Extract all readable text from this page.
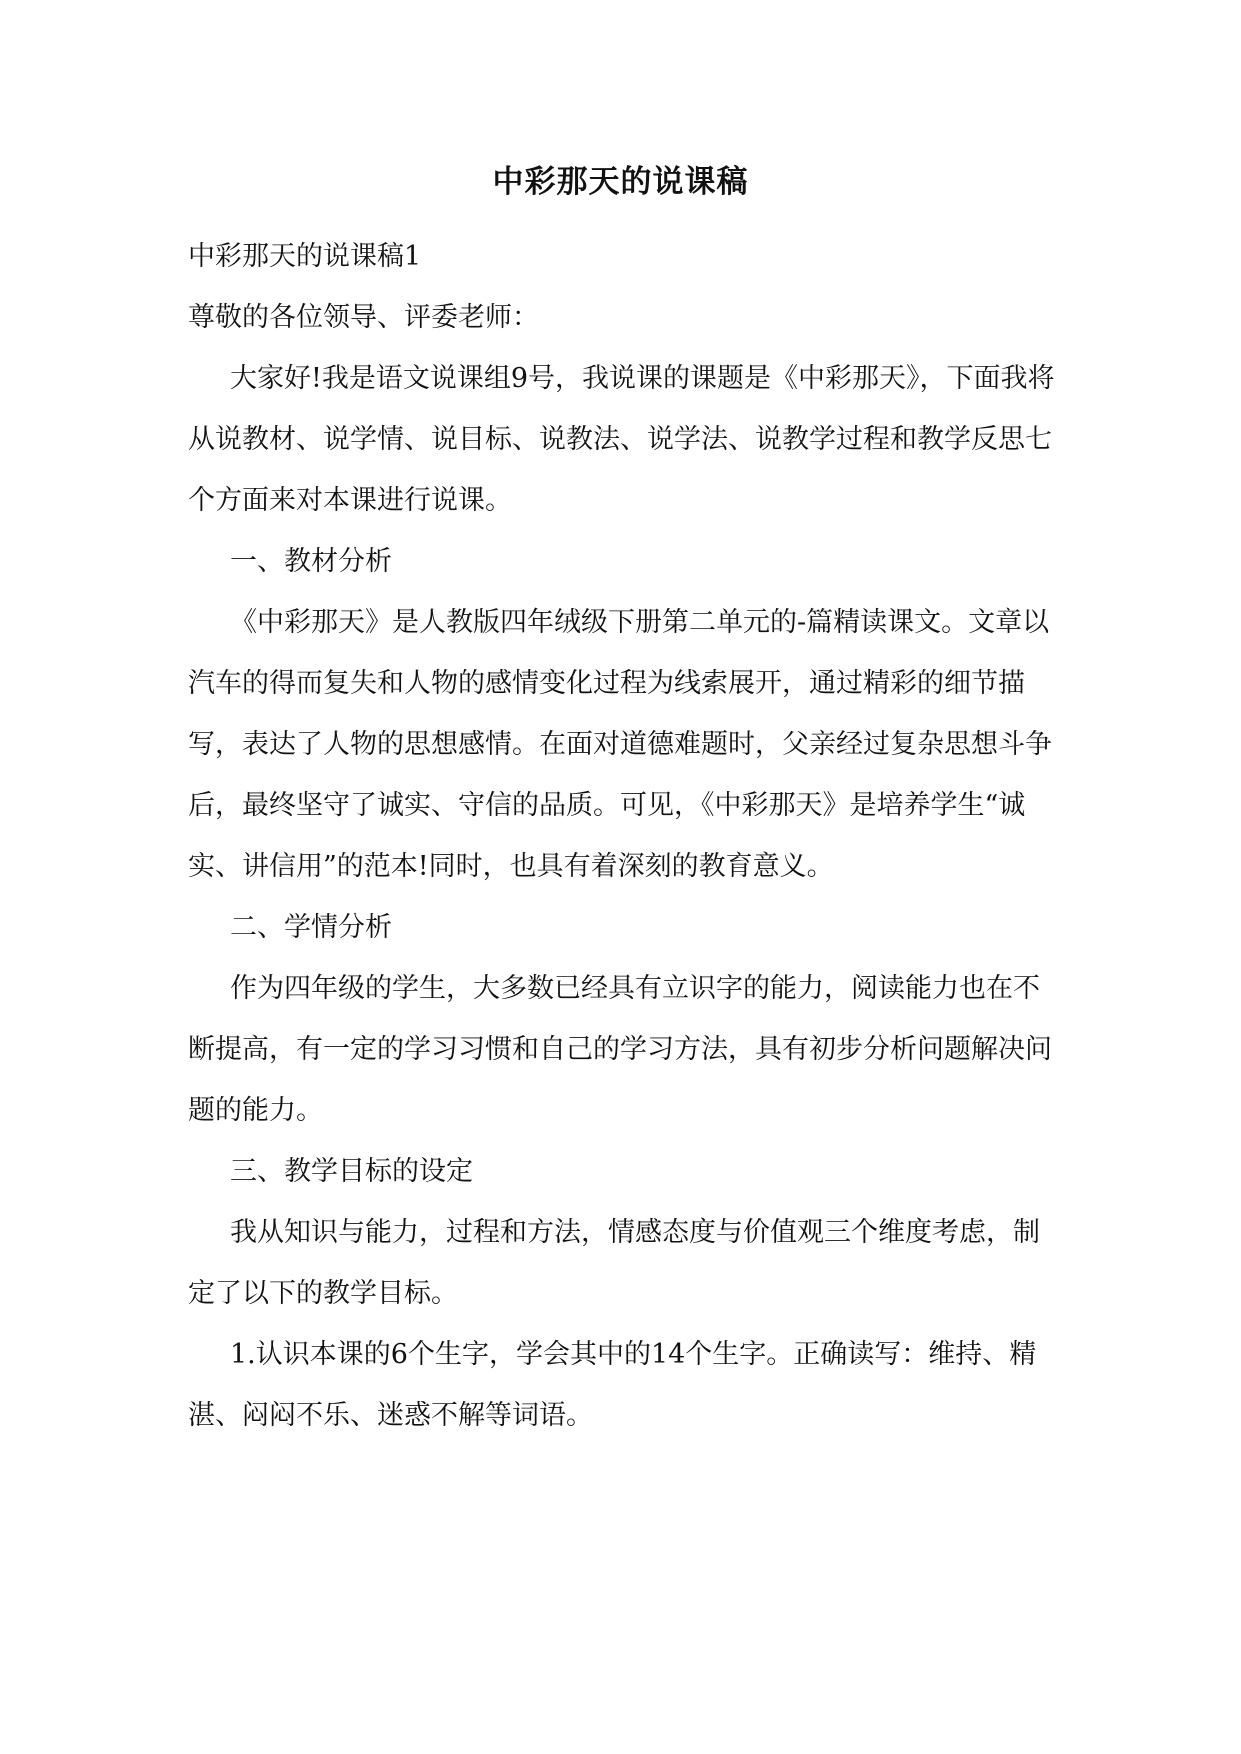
中彩那天的说课稿

中彩那天的说课稿1

尊敬的各位领导、评委老师：

大家好!我是语文说课组9号，我说课的课题是《中彩那天》，下面我将从说教材、说学情、说目标、说教法、说学法、说教学过程和教学反思七个方面来对本课进行说课。

一、教材分析

《中彩那天》是人教版四年绒级下册第二单元的-篇精读课文。文章以汽车的得而复失和人物的感情变化过程为线索展开，通过精彩的细节描写，表达了人物的思想感情。在面对道德难题时，父亲经过复杂思想斗争后，最终坚守了诚实、守信的品质。可见，《中彩那天》是培养学生“诚实、讲信用”的范本!同时，也具有着深刻的教育意义。

二、学情分析

作为四年级的学生，大多数已经具有立识字的能力，阅读能力也在不断提高，有一定的学习习惯和自己的学习方法，具有初步分析问题解决问题的能力。

三、教学目标的设定

我从知识与能力，过程和方法，情感态度与价值观三个维度考虑，制定了以下的教学目标。

1.认识本课的6个生字，学会其中的14个生字。正确读写：维持、精湛、闷闷不乐、迷惑不解等词语。
